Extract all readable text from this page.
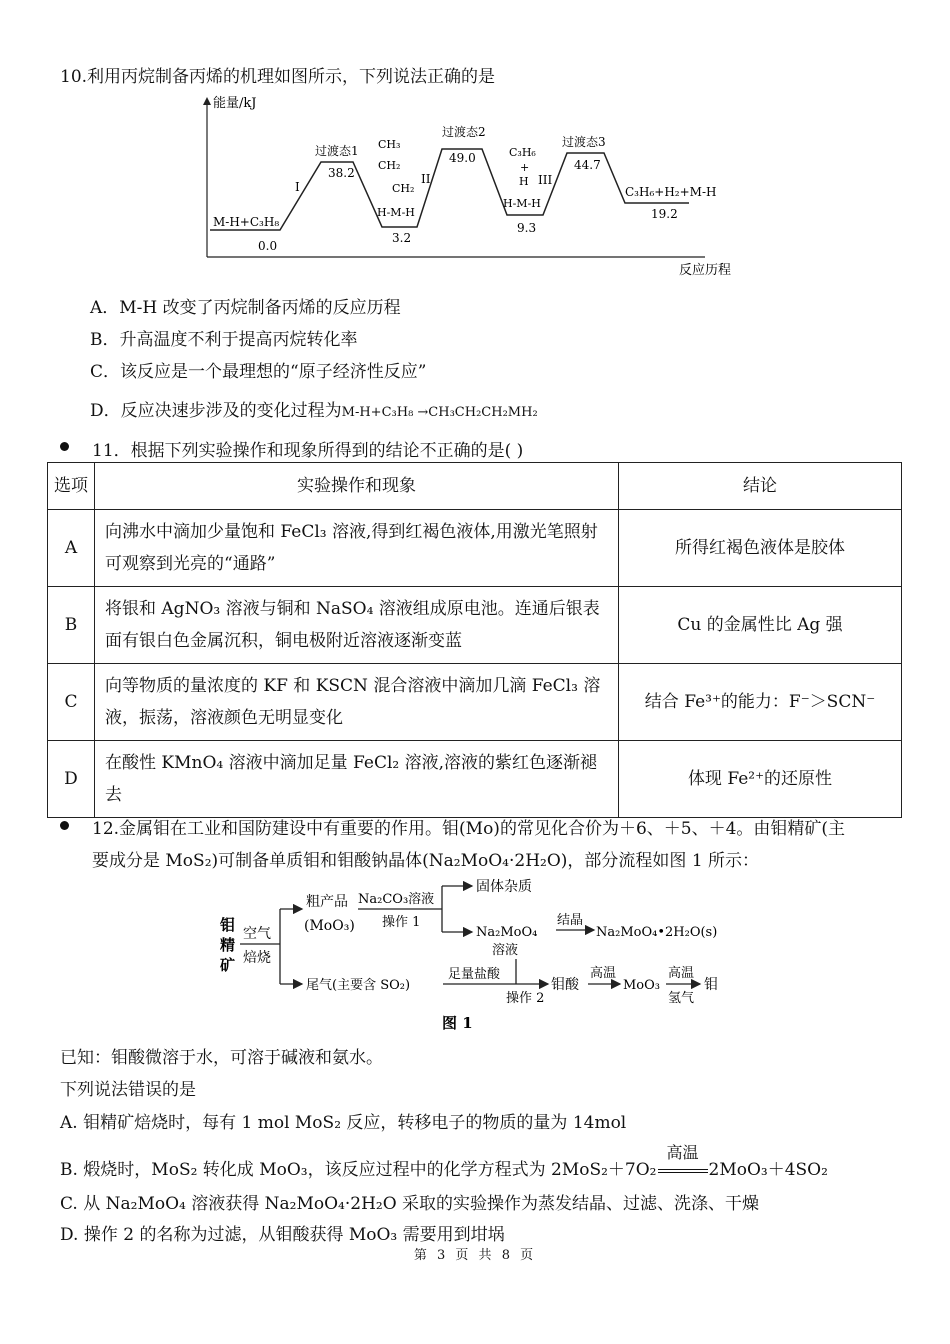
10.利用丙烷制备丙烯的机理如图所示，下列说法正确的是
能量/kJ
反应历程
M-H+C₃H₈
0.0
过渡态1
38.2
I
CH₃
CH₂
CH₂
H-M-H
3.2
II
过渡态2
49.0	C₃H₆
+
H
H-M-H
9.3
III
过渡态3
44.7
C₃H₆+H₂+M-H
19.2
A．M-H 改变了丙烷制备丙烯的反应历程
B．升高温度不利于提高丙烷转化率
C．该反应是一个最理想的“原子经济性反应”
D．反应决速步涉及的变化过程为M-H+C₃H₈ →CH₃CH₂CH₂MH₂
11．根据下列实验操作和现象所得到的结论不正确的是( )
选项	实验操作和现象	结论
A	向沸水中滴加少量饱和 FeCl₃ 溶液,得到红褐色液体,用激光笔照射可观察到光亮的“通路”	所得红褐色液体是胶体
B	将银和 AgNO₃ 溶液与铜和 NaSO₄ 溶液组成原电池。连通后银表面有银白色金属沉积，铜电极附近溶液逐渐变蓝	Cu 的金属性比 Ag 强
C	向等物质的量浓度的 KF 和 KSCN 混合溶液中滴加几滴 FeCl₃ 溶液，振荡，溶液颜色无明显变化	结合 Fe³⁺的能力：F⁻＞SCN⁻
D	在酸性 KMnO₄ 溶液中滴加足量 FeCl₂ 溶液,溶液的紫红色逐渐褪去	体现 Fe²⁺的还原性
12.金属钼在工业和国防建设中有重要的作用。钼(Mo)的常见化合价为＋6、＋5、＋4。由钼精矿(主
要成分是 MoS₂)可制备单质钼和钼酸钠晶体(Na₂MoO₄·2H₂O)，部分流程如图 1 所示：
钼
精
矿
空气
焙烧
粗产品
(MoO₃)
Na₂CO₃溶液
操作 1
固体杂质
Na₂MoO₄
溶液
结晶
Na₂MoO₄•2H₂O(s)
尾气(主要含 SO₂)
足量盐酸
操作 2
钼酸
高温
MoO₃
高温
氢气
钼
图 1
已知：钼酸微溶于水，可溶于碱液和氨水。
下列说法错误的是
A. 钼精矿焙烧时，每有 1 mol MoS₂ 反应，转移电子的物质的量为 14mol
B. 煅烧时，MoS₂ 转化成 MoO₃，该反应过程中的化学方程式为 2MoS₂＋7O₂
高温
2MoO₃＋4SO₂
C. 从 Na₂MoO₄ 溶液获得 Na₂MoO₄·2H₂O 采取的实验操作为蒸发结晶、过滤、洗涤、干燥
D. 操作 2 的名称为过滤，从钼酸获得 MoO₃ 需要用到坩埚
第 3 页 共 8 页
